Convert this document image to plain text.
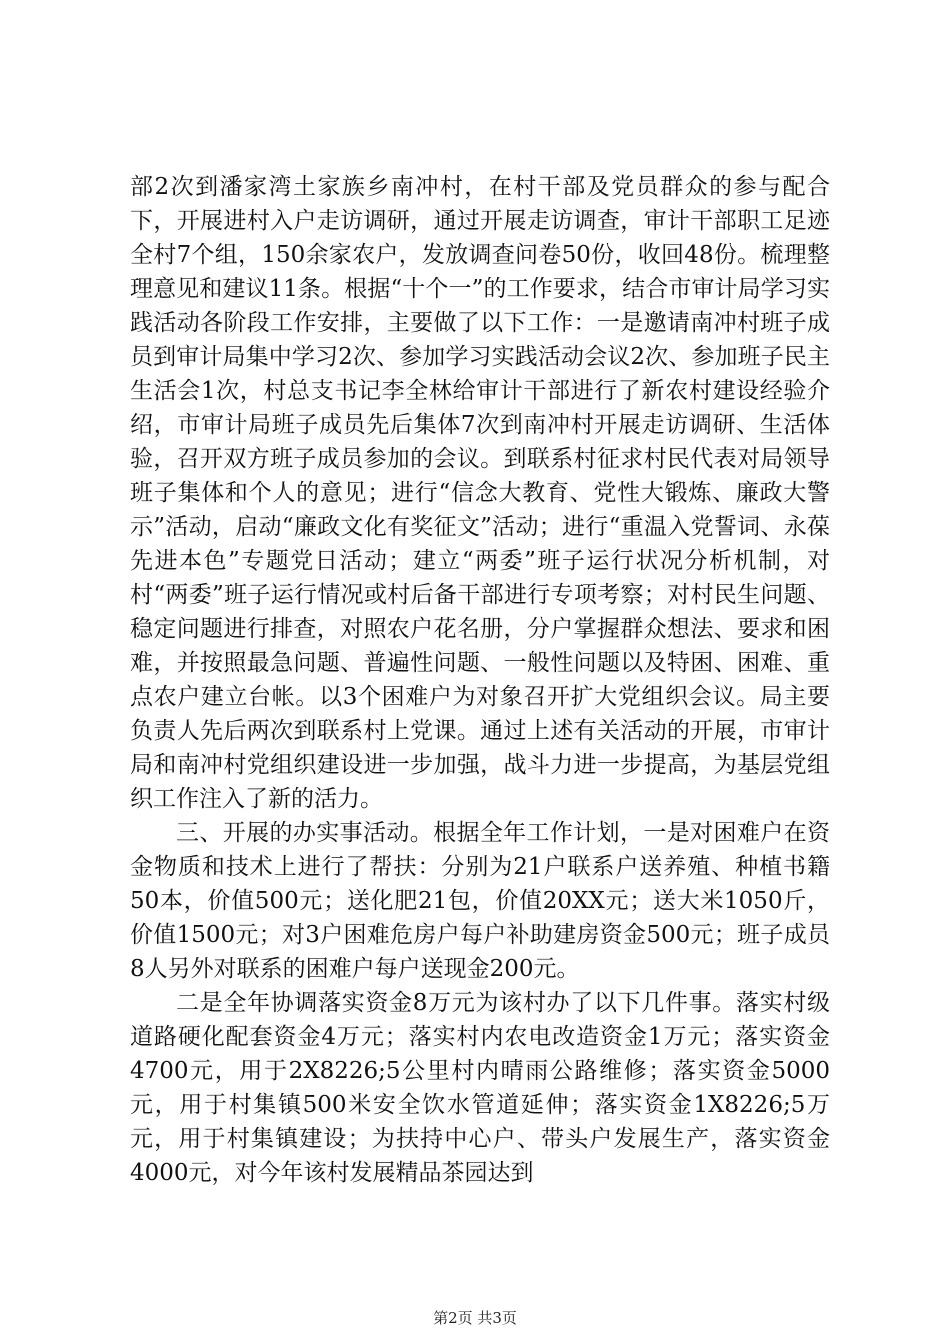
部2次到潘家湾土家族乡南冲村，在村干部及党员群众的参与配合下，开展进村入户走访调研，通过开展走访调查，审计干部职工足迹全村7个组，150余家农户，发放调查问卷50份，收回48份。梳理整理意见和建议11条。根据“十个一”的工作要求，结合市审计局学习实践活动各阶段工作安排，主要做了以下工作：一是邀请南冲村班子成员到审计局集中学习2次、参加学习实践活动会议2次、参加班子民主生活会1次，村总支书记李全林给审计干部进行了新农村建设经验介绍，市审计局班子成员先后集体7次到南冲村开展走访调研、生活体验，召开双方班子成员参加的会议。到联系村征求村民代表对局领导班子集体和个人的意见；进行“信念大教育、党性大锻炼、廉政大警示”活动，启动“廉政文化有奖征文”活动；进行“重温入党誓词、永葆先进本色”专题党日活动；建立“两委”班子运行状况分析机制，对村“两委”班子运行情况或村后备干部进行专项考察；对村民生问题、稳定问题进行排查，对照农户花名册，分户掌握群众想法、要求和困难，并按照最急问题、普遍性问题、一般性问题以及特困、困难、重点农户建立台帐。以3个困难户为对象召开扩大党组织会议。局主要负责人先后两次到联系村上党课。通过上述有关活动的开展，市审计局和南冲村党组织建设进一步加强，战斗力进一步提高，为基层党组织工作注入了新的活力。

三、开展的办实事活动。根据全年工作计划，一是对困难户在资金物质和技术上进行了帮扶：分别为21户联系户送养殖、种植书籍50本，价值500元；送化肥21包，价值20XX元；送大米1050斤，价值1500元；对3户困难危房户每户补助建房资金500元；班子成员8人另外对联系的困难户每户送现金200元。

二是全年协调落实资金8万元为该村办了以下几件事。落实村级道路硬化配套资金4万元；落实村内农电改造资金1万元；落实资金4700元，用于2X8226;5公里村内晴雨公路维修；落实资金5000元，用于村集镇500米安全饮水管道延伸；落实资金1X8226;5万元，用于村集镇建设；为扶持中心户、带头户发展生产，落实资金4000元，对今年该村发展精品茶园达到

第2页 共3页
